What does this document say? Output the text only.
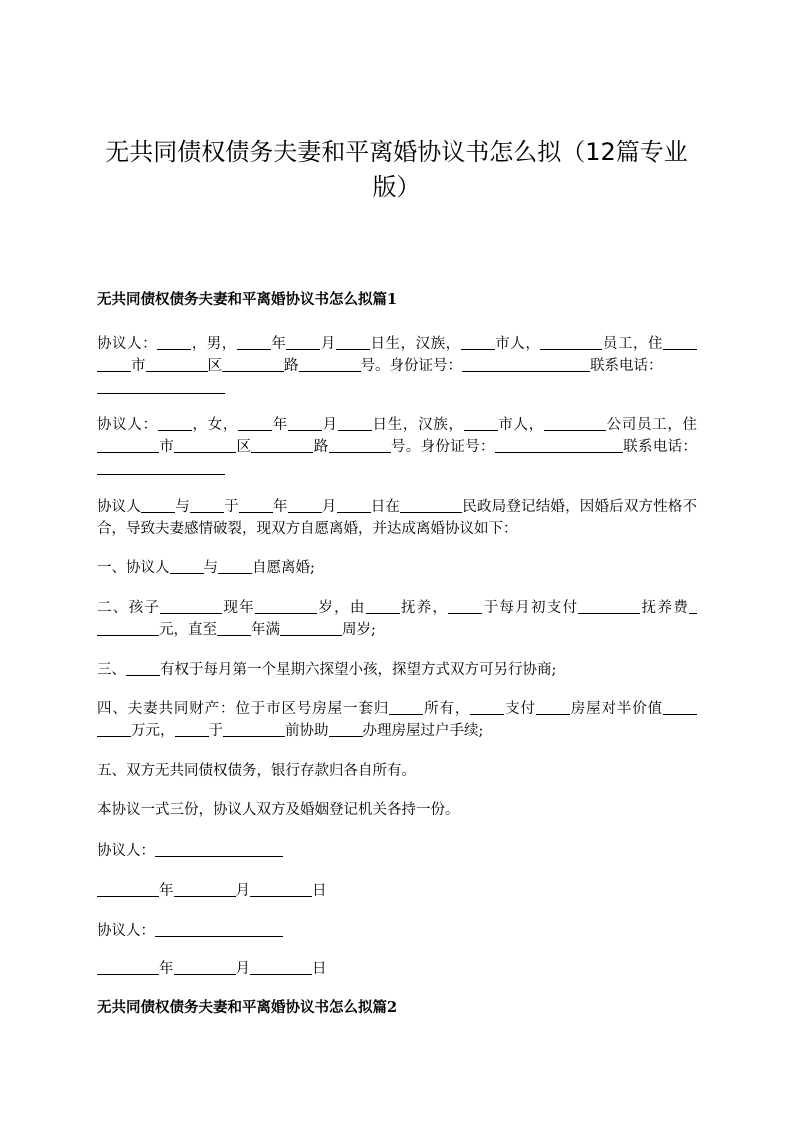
无共同债权债务夫妻和平离婚协议书怎么拟（12篇专业版）
无共同债权债务夫妻和平离婚协议书怎么拟篇1

协议人： ，男， 年 月 日生，汉族， 市人，	员工，住市	区	路	号。身份证号：	联系电话：

协议人： ，女， 年 月 日生，汉族， 市人，	公司员工，住市	区	路	号。身份证号：	联系电话：

协议人 与 于 年 月 日在	民政局登记结婚，因婚后双方性格不合，导致夫妻感情破裂，现双方自愿离婚，并达成离婚协议如下：

一、协议人 与 自愿离婚;

二、孩子	现年	岁，由 抚养， 于每月初支付	抚养费元，直至 年满	周岁;

三、 有权于每月第一个星期六探望小孩，探望方式双方可另行协商;

四、夫妻共同财产：位于市区号房屋一套归 所有， 支付 房屋对半价值万元， 于	前协助 办理房屋过户手续;

五、双方无共同债权债务，银行存款归各自所有。

本协议一式三份，协议人双方及婚姻登记机关各持一份。

协议人：

年	月	日

协议人：

年	月	日

无共同债权债务夫妻和平离婚协议书怎么拟篇2
